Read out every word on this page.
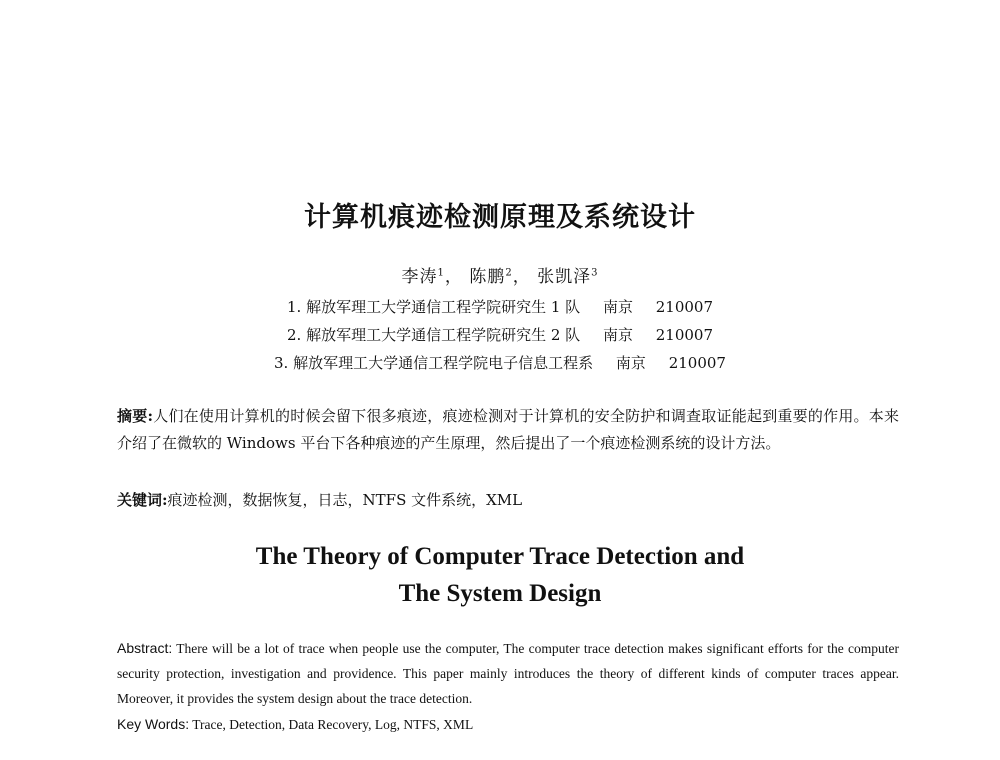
计算机痕迹检测原理及系统设计
李涛$^1$， 陈鹏$^2$， 张凯泽$^3$
1. 解放军理工大学通信工程学院研究生 1 队 南京 210007
2. 解放军理工大学通信工程学院研究生 2 队 南京 210007
3. 解放军理工大学通信工程学院电子信息工程系 南京 210007
摘要:人们在使用计算机的时候会留下很多痕迹，痕迹检测对于计算机的安全防护和调查取证能起到重要的作用。本来介绍了在微软的 Windows 平台下各种痕迹的产生原理，然后提出了一个痕迹检测系统的设计方法。
关键词:痕迹检测，数据恢复，日志，NTFS 文件系统，XML
The Theory of Computer Trace Detection and
The System Design
Abstract: There will be a lot of trace when people use the computer, The computer trace detection makes significant efforts for the computer security protection, investigation and providence. This paper mainly introduces the theory of different kinds of computer traces appear. Moreover, it provides the system design about the trace detection.
Key Words: Trace, Detection, Data Recovery, Log, NTFS, XML
